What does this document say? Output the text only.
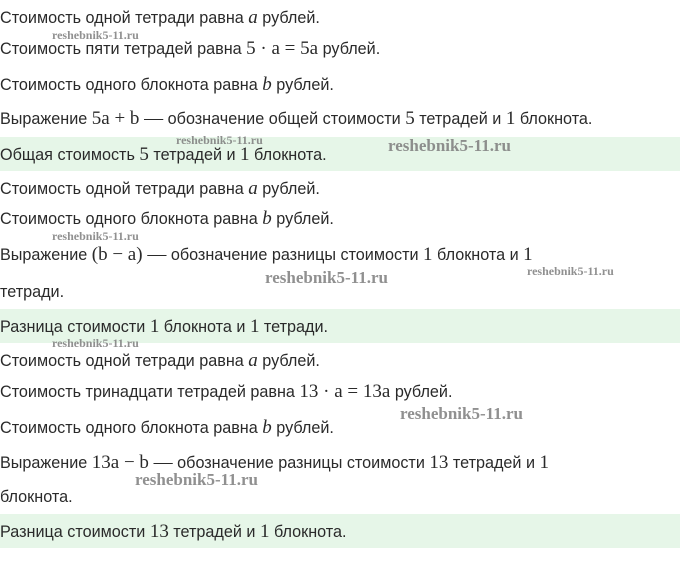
Стоимость одной тетради равна a рублей.
Стоимость пяти тетрадей равна 5 · a = 5a рублей.
Стоимость одного блокнота равна b рублей.
Выражение 5a + b — обозначение общей стоимости 5 тетрадей и 1 блокнота.
Общая стоимость 5 тетрадей и 1 блокнота.
Стоимость одной тетради равна a рублей.
Стоимость одного блокнота равна b рублей.
Выражение (b − a) — обозначение разницы стоимости 1 блокнота и 1
тетради.
Разница стоимости 1 блокнота и 1 тетради.
Стоимость одной тетради равна a рублей.
Стоимость тринадцати тетрадей равна 13 · a = 13a рублей.
Стоимость одного блокнота равна b рублей.
Выражение 13a − b — обозначение разницы стоимости 13 тетрадей и 1
блокнота.
Разница стоимости 13 тетрадей и 1 блокнота.
reshebnik5-11.ru
reshebnik5-11.ru	reshebnik5-11.ru
reshebnik5-11.ru
reshebnik5-11.ru
reshebnik5-11.ru
reshebnik5-11.ru
reshebnik5-11.ru
reshebnik5-11.ru
